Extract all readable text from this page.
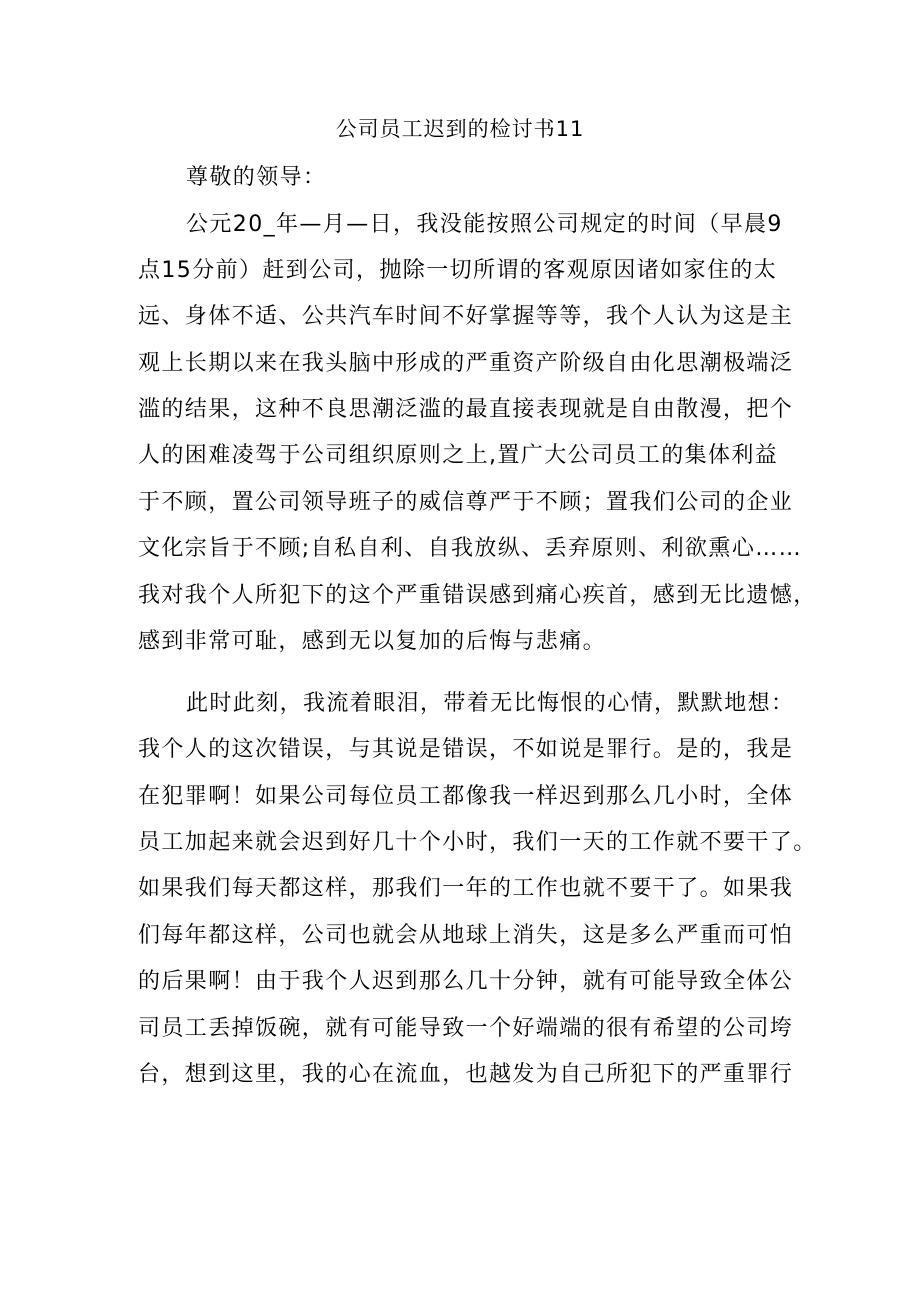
公司员工迟到的检讨书11
尊敬的领导：
公元20_年—月—日，我没能按照公司规定的时间（早晨9
点15分前）赶到公司，抛除一切所谓的客观原因诸如家住的太
远、身体不适、公共汽车时间不好掌握等等，我个人认为这是主
观上长期以来在我头脑中形成的严重资产阶级自由化思潮极端泛
滥的结果，这种不良思潮泛滥的最直接表现就是自由散漫，把个
人的困难凌驾于公司组织原则之上,置广大公司员工的集体利益
于不顾，置公司领导班子的威信尊严于不顾；置我们公司的企业
文化宗旨于不顾;自私自利、自我放纵、丢弃原则、利欲熏心……
我对我个人所犯下的这个严重错误感到痛心疾首，感到无比遗憾，
感到非常可耻，感到无以复加的后悔与悲痛。
此时此刻，我流着眼泪，带着无比悔恨的心情，默默地想：
我个人的这次错误，与其说是错误，不如说是罪行。是的，我是
在犯罪啊！如果公司每位员工都像我一样迟到那么几小时，全体
员工加起来就会迟到好几十个小时，我们一天的工作就不要干了。
如果我们每天都这样，那我们一年的工作也就不要干了。如果我
们每年都这样，公司也就会从地球上消失，这是多么严重而可怕
的后果啊！由于我个人迟到那么几十分钟，就有可能导致全体公
司员工丢掉饭碗，就有可能导致一个好端端的很有希望的公司垮
台，想到这里，我的心在流血，也越发为自己所犯下的严重罪行
